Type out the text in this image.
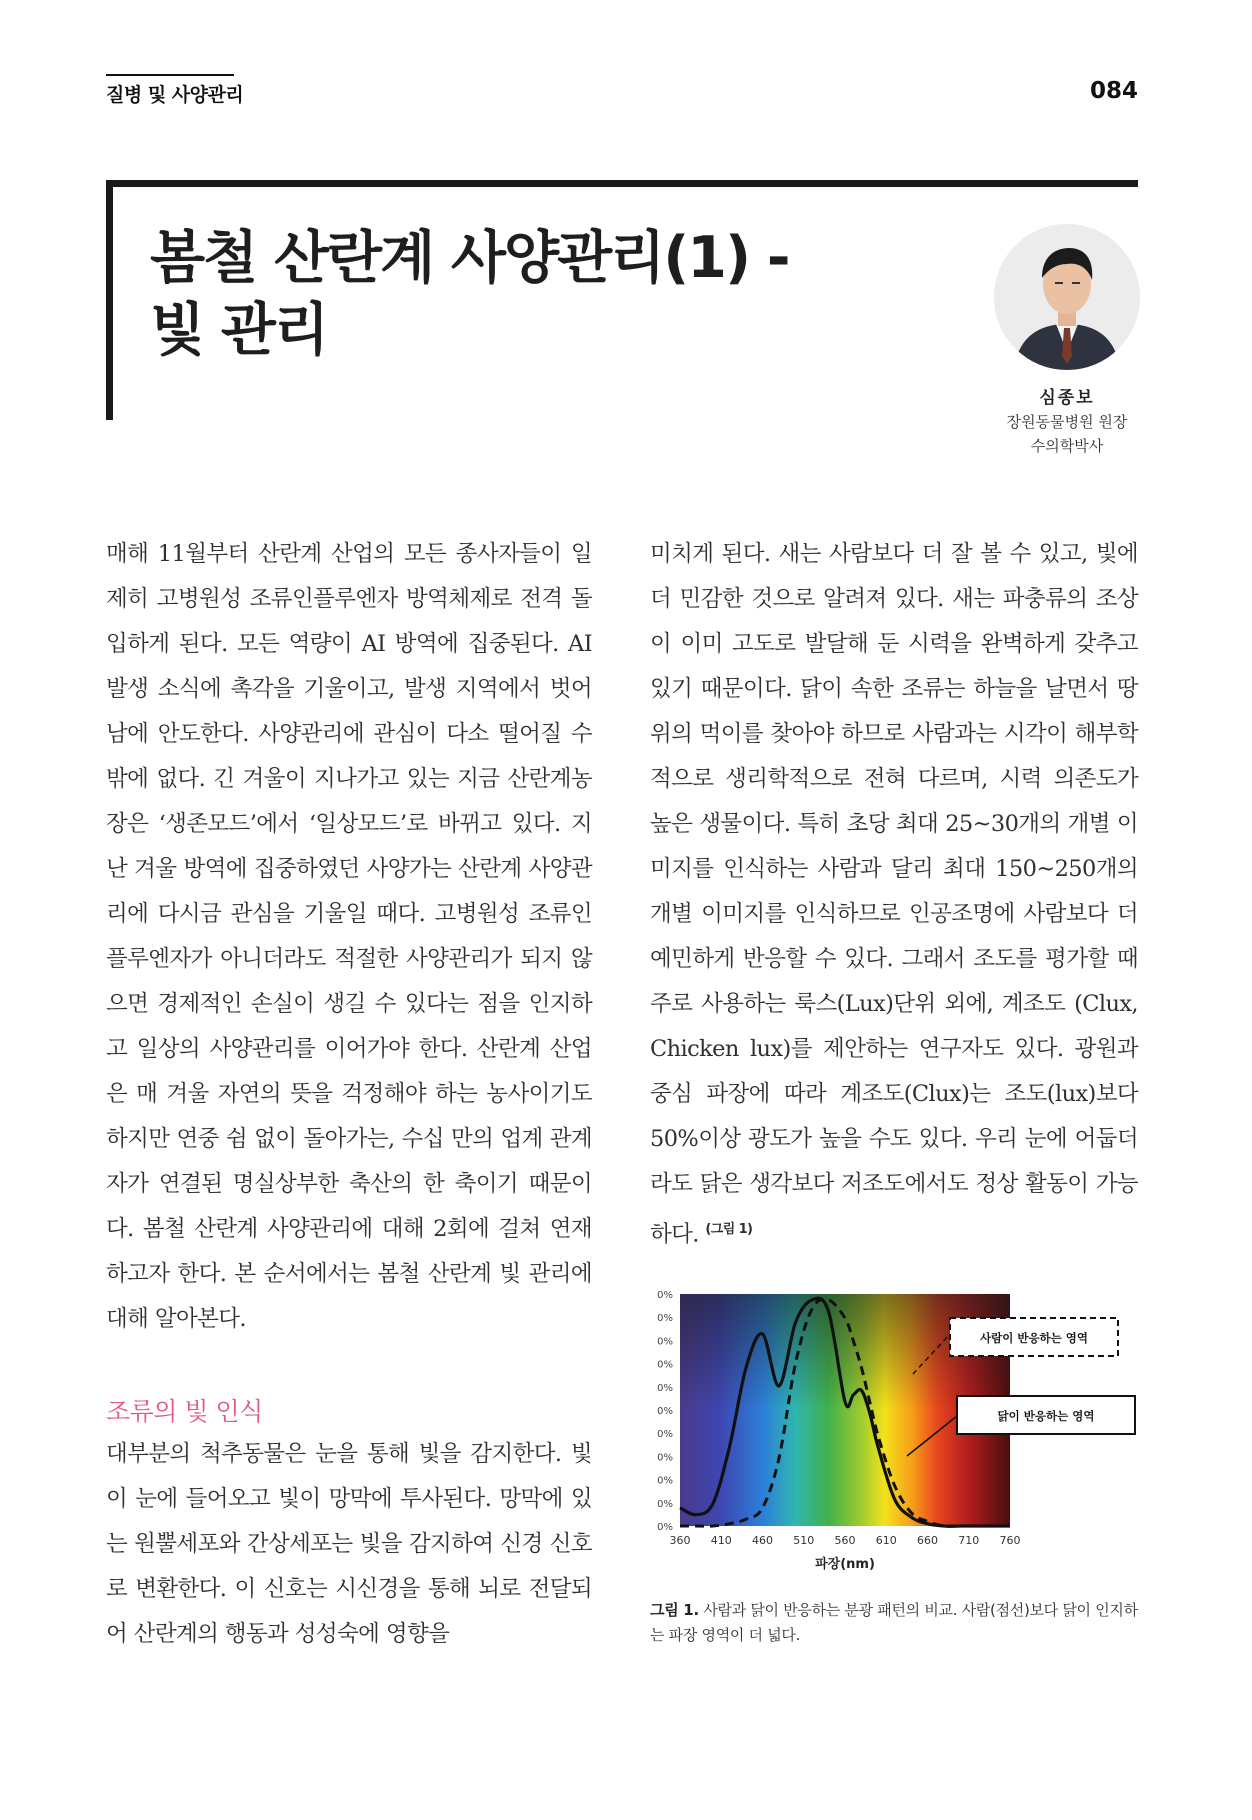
질병 및 사양관리	084
봄철 산란계 사양관리(1) -
빛 관리
심종보
장원동물병원 원장
수의학박사

매해 11월부터 산란계 산업의 모든 종사자들이 일제히 고병원성 조류인플루엔자 방역체제로 전격 돌입하게 된다. 모든 역량이 AI 방역에 집중된다. AI 발생 소식에 촉각을 기울이고, 발생 지역에서 벗어남에 안도한다. 사양관리에 관심이 다소 떨어질 수밖에 없다. 긴 겨울이 지나가고 있는 지금 산란계농장은 ‘생존모드’에서 ‘일상모드’로 바뀌고 있다. 지난 겨울 방역에 집중하였던 사양가는 산란계 사양관리에 다시금 관심을 기울일 때다. 고병원성 조류인플루엔자가 아니더라도 적절한 사양관리가 되지 않으면 경제적인 손실이 생길 수 있다는 점을 인지하고 일상의 사양관리를 이어가야 한다. 산란계 산업은 매 겨울 자연의 뜻을 걱정해야 하는 농사이기도 하지만 연중 쉼 없이 돌아가는, 수십 만의 업계 관계자가 연결된 명실상부한 축산의 한 축이기 때문이다. 봄철 산란계 사양관리에 대해 2회에 걸쳐 연재하고자 한다. 본 순서에서는 봄철 산란계 빛 관리에 대해 알아본다.

조류의 빛 인식

대부분의 척추동물은 눈을 통해 빛을 감지한다. 빛이 눈에 들어오고 빛이 망막에 투사된다. 망막에 있는 원뿔세포와 간상세포는 빛을 감지하여 신경 신호로 변환한다. 이 신호는 시신경을 통해 뇌로 전달되어 산란계의 행동과 성성숙에 영향을

미치게 된다. 새는 사람보다 더 잘 볼 수 있고, 빛에 더 민감한 것으로 알려져 있다. 새는 파충류의 조상이 이미 고도로 발달해 둔 시력을 완벽하게 갖추고 있기 때문이다. 닭이 속한 조류는 하늘을 날면서 땅 위의 먹이를 찾아야 하므로 사람과는 시각이 해부학적으로 생리학적으로 전혀 다르며, 시력 의존도가 높은 생물이다. 특히 초당 최대 25~30개의 개별 이미지를 인식하는 사람과 달리 최대 150~250개의 개별 이미지를 인식하므로 인공조명에 사람보다 더 예민하게 반응할 수 있다. 그래서 조도를 평가할 때 주로 사용하는 룩스(Lux)단위 외에, 계조도 (Clux, Chicken lux)를 제안하는 연구자도 있다. 광원과 중심 파장에 따라 계조도(Clux)는 조도(lux)보다 50%이상 광도가 높을 수도 있다. 우리 눈에 어둡더라도 닭은 생각보다 저조도에서도 정상 활동이 가능하다. $^{(그림 1)}$

0%
0%
0%
0%
0%
0%
0%
0%
0%
0%
0%
360 410 460 510 560 610 660 710 760
사람이 반응하는 영역
닭이 반응하는 영역
파장(nm)
그림 1. 사람과 닭이 반응하는 분광 패턴의 비교. 사람(점선)보다 닭이 인지하는 파장 영역이 더 넓다.
